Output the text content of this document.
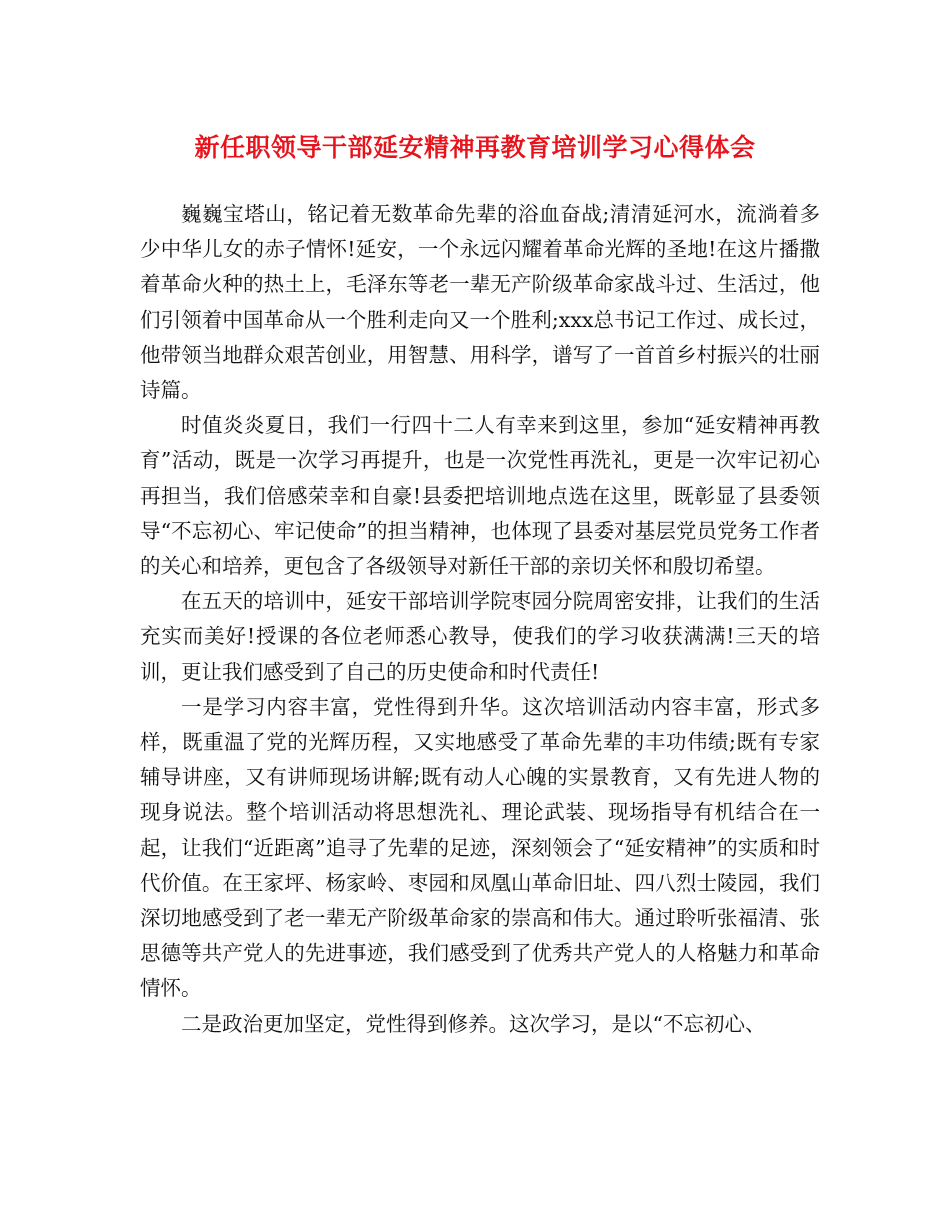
新任职领导干部延安精神再教育培训学习心得体会

巍巍宝塔山，铭记着无数革命先辈的浴血奋战;清清延河水，流淌着多少中华儿女的赤子情怀!延安，一个永远闪耀着革命光辉的圣地!在这片播撒着革命火种的热土上，毛泽东等老一辈无产阶级革命家战斗过、生活过，他们引领着中国革命从一个胜利走向又一个胜利;xxx总书记工作过、成长过，他带领当地群众艰苦创业，用智慧、用科学，谱写了一首首乡村振兴的壮丽诗篇。

时值炎炎夏日，我们一行四十二人有幸来到这里，参加“延安精神再教育”活动，既是一次学习再提升，也是一次党性再洗礼，更是一次牢记初心再担当，我们倍感荣幸和自豪!县委把培训地点选在这里，既彰显了县委领导“不忘初心、牢记使命”的担当精神，也体现了县委对基层党员党务工作者的关心和培养，更包含了各级领导对新任干部的亲切关怀和殷切希望。

在五天的培训中，延安干部培训学院枣园分院周密安排，让我们的生活充实而美好!授课的各位老师悉心教导，使我们的学习收获满满!三天的培训，更让我们感受到了自己的历史使命和时代责任!

一是学习内容丰富，党性得到升华。这次培训活动内容丰富，形式多样，既重温了党的光辉历程，又实地感受了革命先辈的丰功伟绩;既有专家辅导讲座，又有讲师现场讲解;既有动人心魄的实景教育，又有先进人物的现身说法。整个培训活动将思想洗礼、理论武装、现场指导有机结合在一起，让我们“近距离”追寻了先辈的足迹，深刻领会了“延安精神”的实质和时代价值。在王家坪、杨家岭、枣园和凤凰山革命旧址、四八烈士陵园，我们深切地感受到了老一辈无产阶级革命家的崇高和伟大。通过聆听张福清、张思德等共产党人的先进事迹，我们感受到了优秀共产党人的人格魅力和革命情怀。

二是政治更加坚定，党性得到修养。这次学习，是以“不忘初心、
